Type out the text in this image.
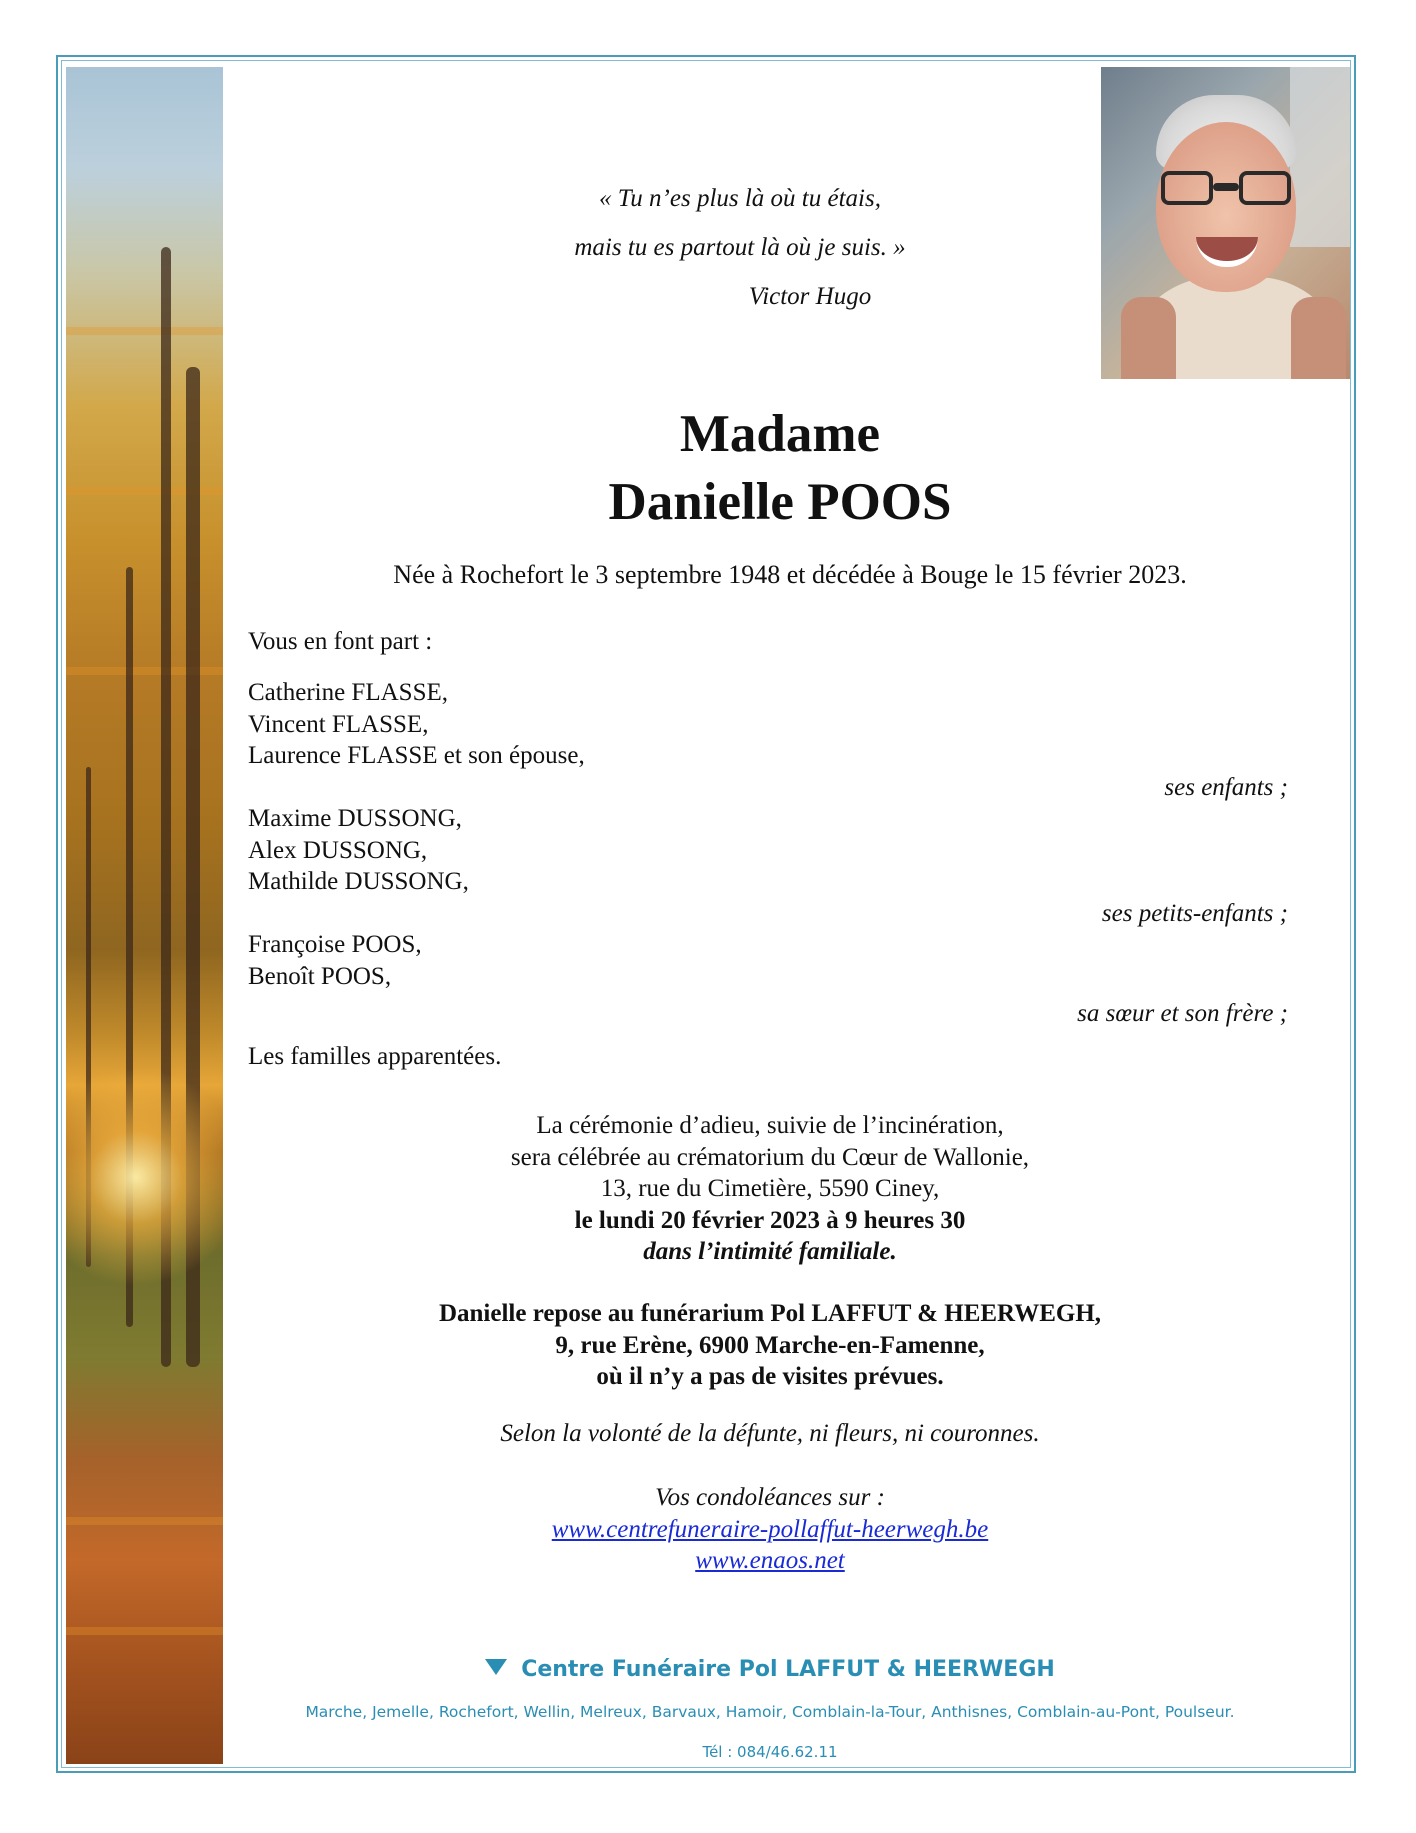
« Tu n’es plus là où tu étais,
mais tu es partout là où je suis. »
Victor Hugo
Madame
Danielle POOS
Née à Rochefort le 3 septembre 1948 et décédée à Bouge le 15 février 2023.
Vous en font part :
Catherine FLASSE,
Vincent FLASSE,
Laurence FLASSE et son épouse,
ses enfants ;
Maxime DUSSONG,
Alex DUSSONG,
Mathilde DUSSONG,
ses petits-enfants ;
Françoise POOS,
Benoît POOS,
sa sœur et son frère ;
Les familles apparentées.
La cérémonie d’adieu, suivie de l’incinération,
sera célébrée au crématorium du Cœur de Wallonie,
13, rue du Cimetière, 5590 Ciney,
le lundi 20 février 2023 à 9 heures 30
dans l’intimité familiale.
Danielle repose au funérarium Pol LAFFUT & HEERWEGH,
9, rue Erène, 6900 Marche-en-Famenne,
où il n’y a pas de visites prévues.
Selon la volonté de la défunte, ni fleurs, ni couronnes.
Vos condoléances sur :
www.centrefuneraire-pollaffut-heerwegh.be
www.enaos.net
Centre Funéraire Pol LAFFUT & HEERWEGH
Marche, Jemelle, Rochefort, Wellin, Melreux, Barvaux, Hamoir, Comblain-la-Tour, Anthisnes, Comblain-au-Pont, Poulseur.
Tél : 084/46.62.11
